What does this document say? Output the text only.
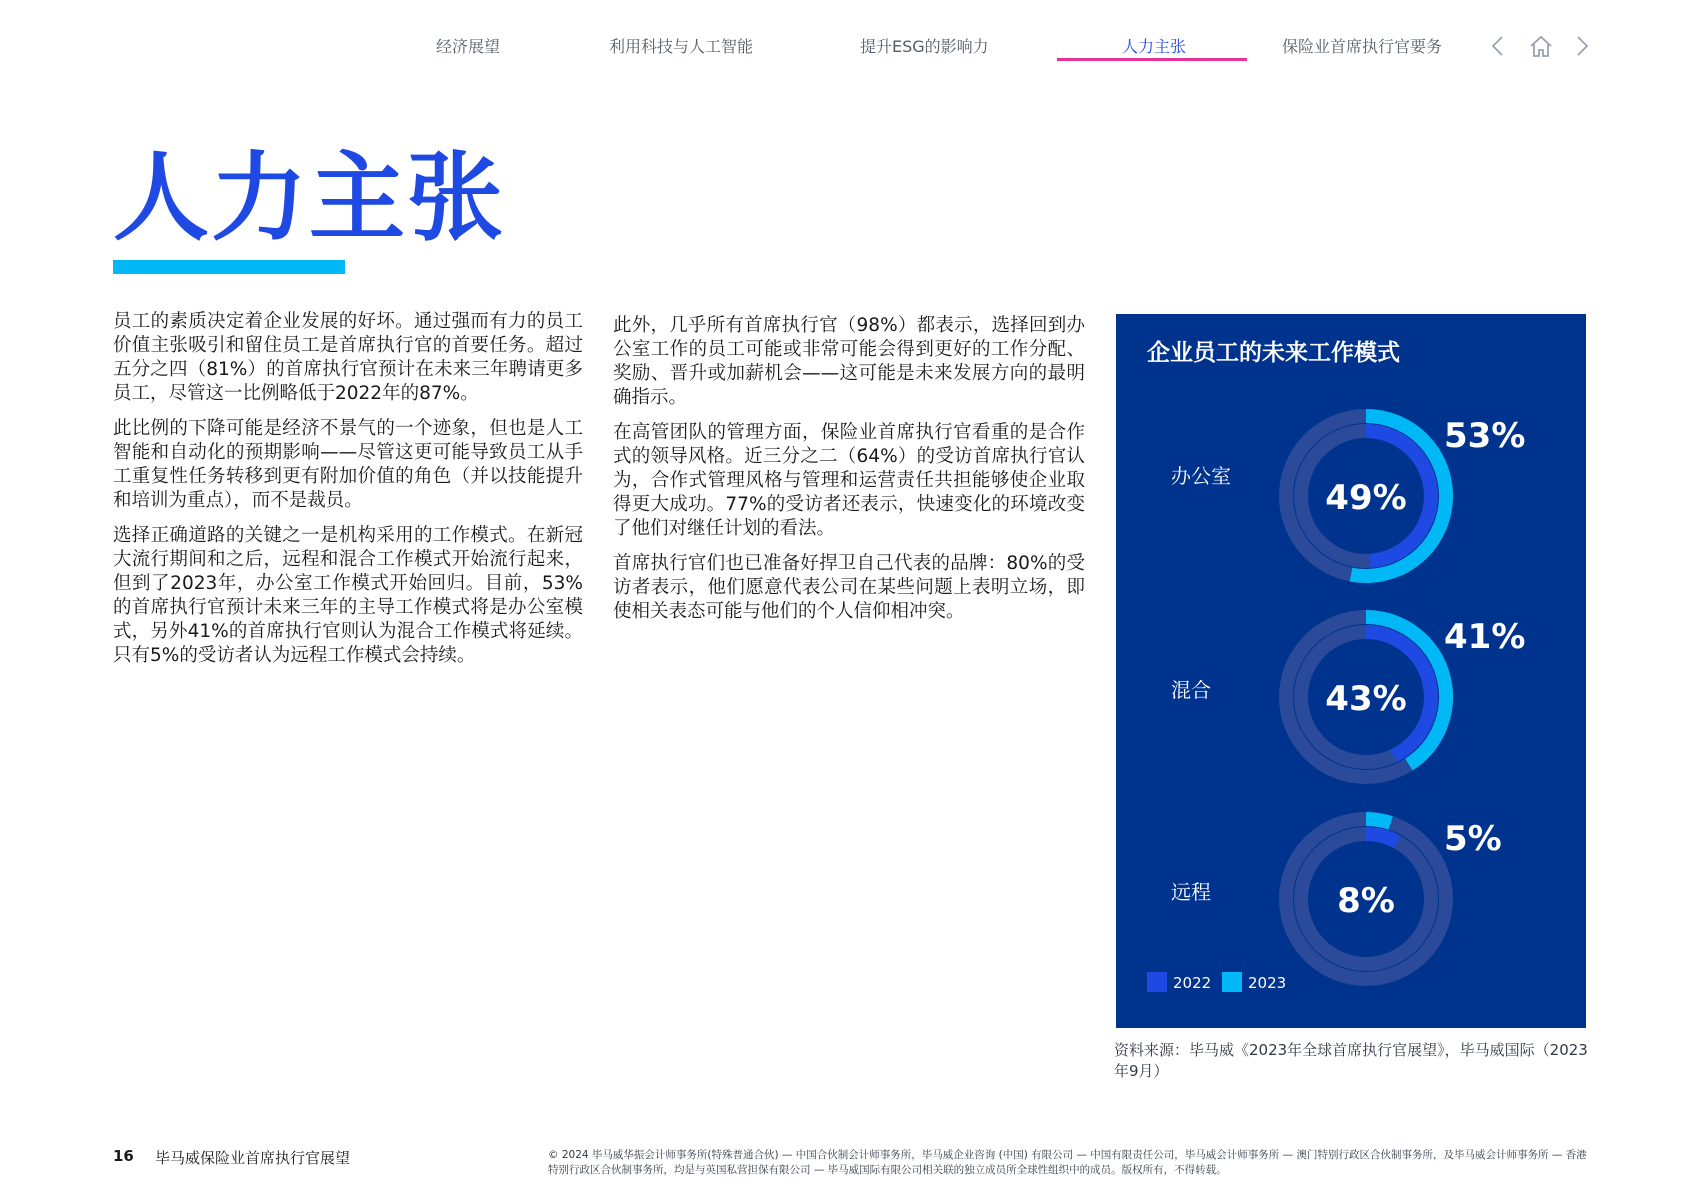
经济展望	利用科技与人工智能	提升ESG的影响力	人力主张	保险业首席执行官要务
人力主张

员工的素质决定着企业发展的好坏。通过强而有力的员工价值主张吸引和留住员工是首席执行官的首要任务。超过五分之四（81%）的首席执行官预计在未来三年聘请更多员工，尽管这一比例略低于2022年的87%。

此比例的下降可能是经济不景气的一个迹象，但也是人工智能和自动化的预期影响——尽管这更可能导致员工从手工重复性任务转移到更有附加价值的角色（并以技能提升和培训为重点），而不是裁员。

选择正确道路的关键之一是机构采用的工作模式。在新冠大流行期间和之后，远程和混合工作模式开始流行起来，但到了2023年，办公室工作模式开始回归。目前，53%的首席执行官预计未来三年的主导工作模式将是办公室模式，另外41%的首席执行官则认为混合工作模式将延续。只有5%的受访者认为远程工作模式会持续。

此外，几乎所有首席执行官（98%）都表示，选择回到办公室工作的员工可能或非常可能会得到更好的工作分配、奖励、晋升或加薪机会——这可能是未来发展方向的最明确指示。

在高管团队的管理方面，保险业首席执行官看重的是合作式的领导风格。近三分之二（64%）的受访首席执行官认为，合作式管理风格与管理和运营责任共担能够使企业取得更大成功。77%的受访者还表示，快速变化的环境改变了他们对继任计划的看法。

首席执行官们也已准备好捍卫自己代表的品牌：80%的受访者表示，他们愿意代表公司在某些问题上表明立场，即使相关表态可能与他们的个人信仰相冲突。

企业员工的未来工作模式
49%
53%
办公室
43%
41%
混合
8%
5%
远程
2022 2023
资料来源：毕马威《2023年全球首席执行官展望》，毕马威国际（2023年9月）
16 毕马威保险业首席执行官展望	© 2024 毕马威华振会计师事务所(特殊普通合伙) — 中国合伙制会计师事务所，毕马威企业咨询 (中国) 有限公司 — 中国有限责任公司，毕马威会计师事务所 — 澳门特别行政区合伙制事务所，及毕马威会计师事务所 — 香港特别行政区合伙制事务所，均是与英国私营担保有限公司 — 毕马威国际有限公司相关联的独立成员所全球性组织中的成员。版权所有，不得转载。
